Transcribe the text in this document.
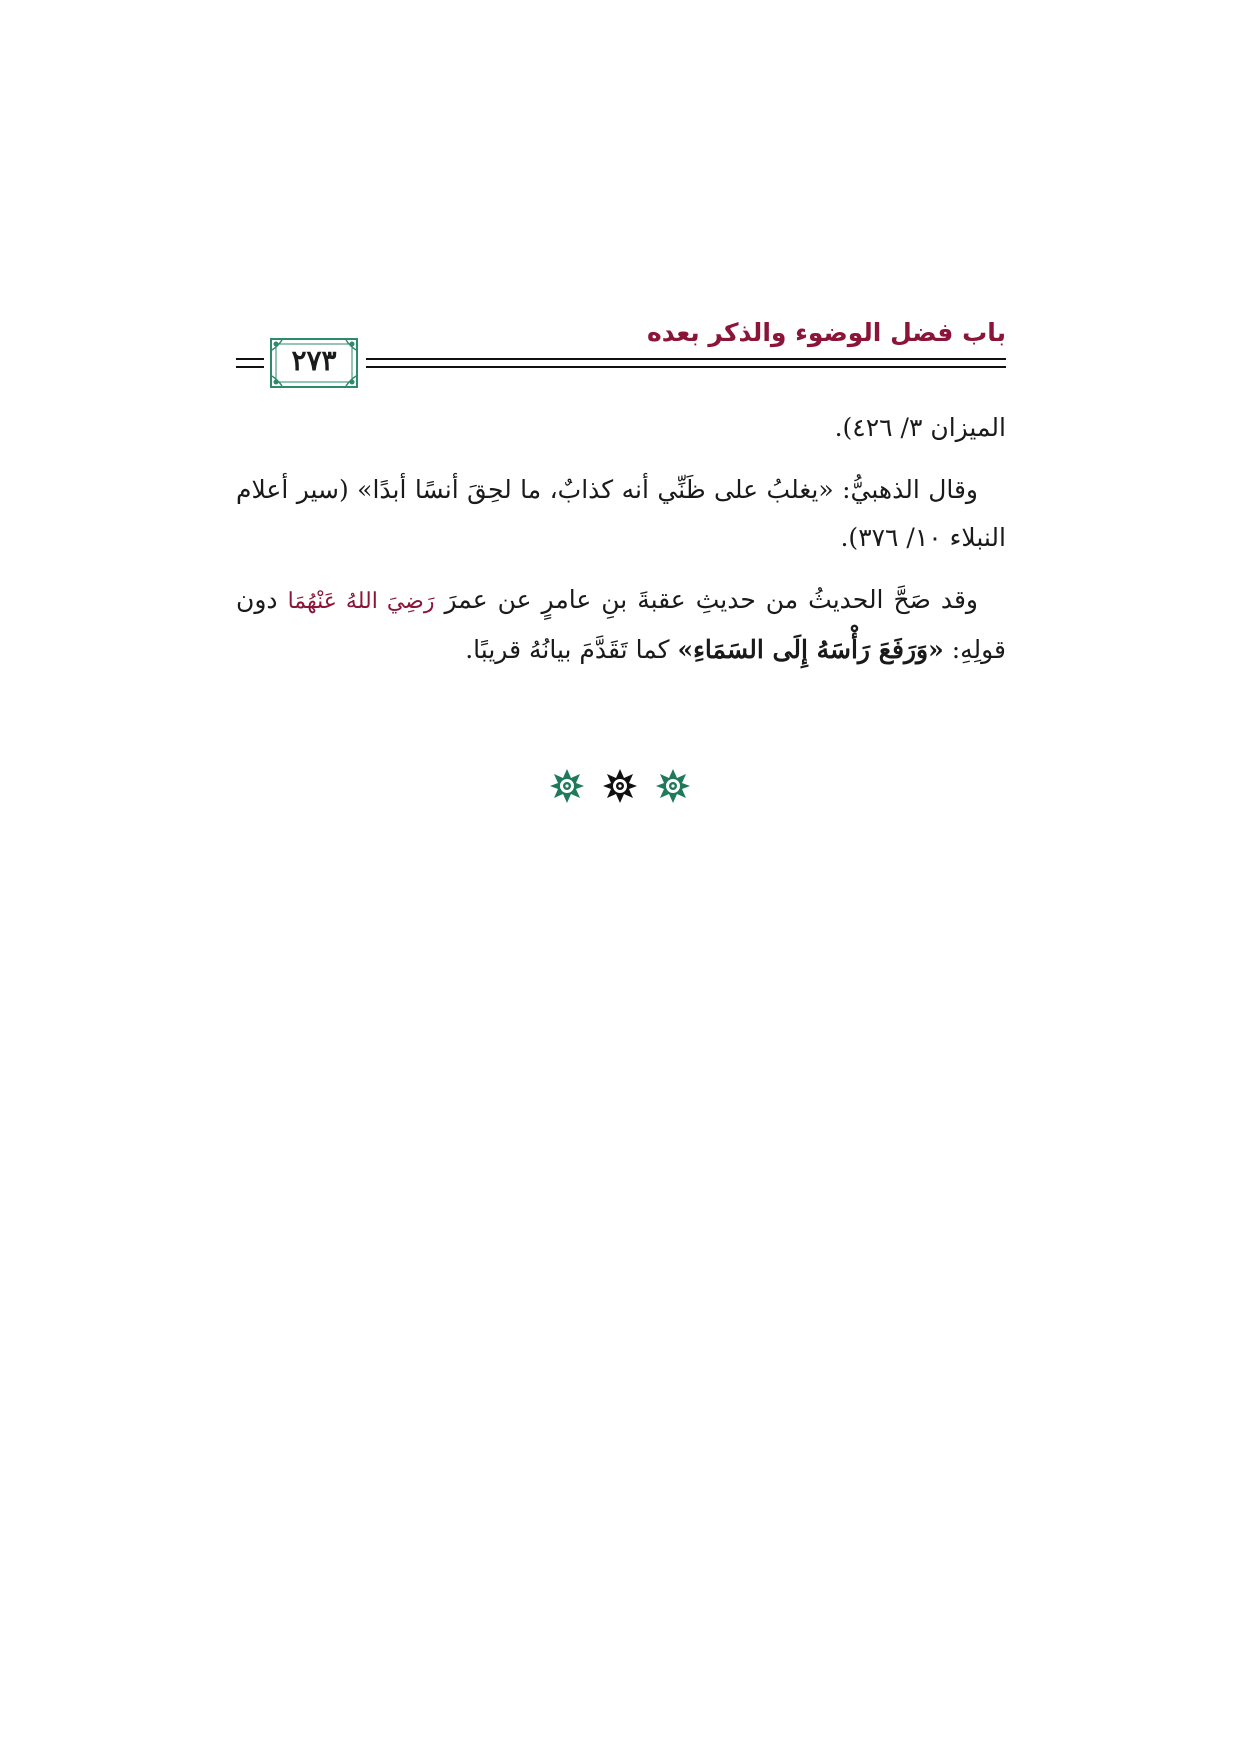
باب فضل الوضوء والذكر بعده
٢٧٣

الميزان ٣/ ٤٢٦).

وقال الذهبيُّ: «يغلبُ على ظَنِّي أنه كذابٌ، ما لحِقَ أنسًا أبدًا» (سير أعلام النبلاء ١٠/ ٣٧٦).

وقد صَحَّ الحديثُ من حديثِ عقبةَ بنِ عامرٍ عن عمرَ رَضِيَ اللهُ عَنْهُمَا دون قولِهِ: «وَرَفَعَ رَأْسَهُ إِلَى السَمَاءِ» كما تَقَدَّمَ بيانُهُ قريبًا.
